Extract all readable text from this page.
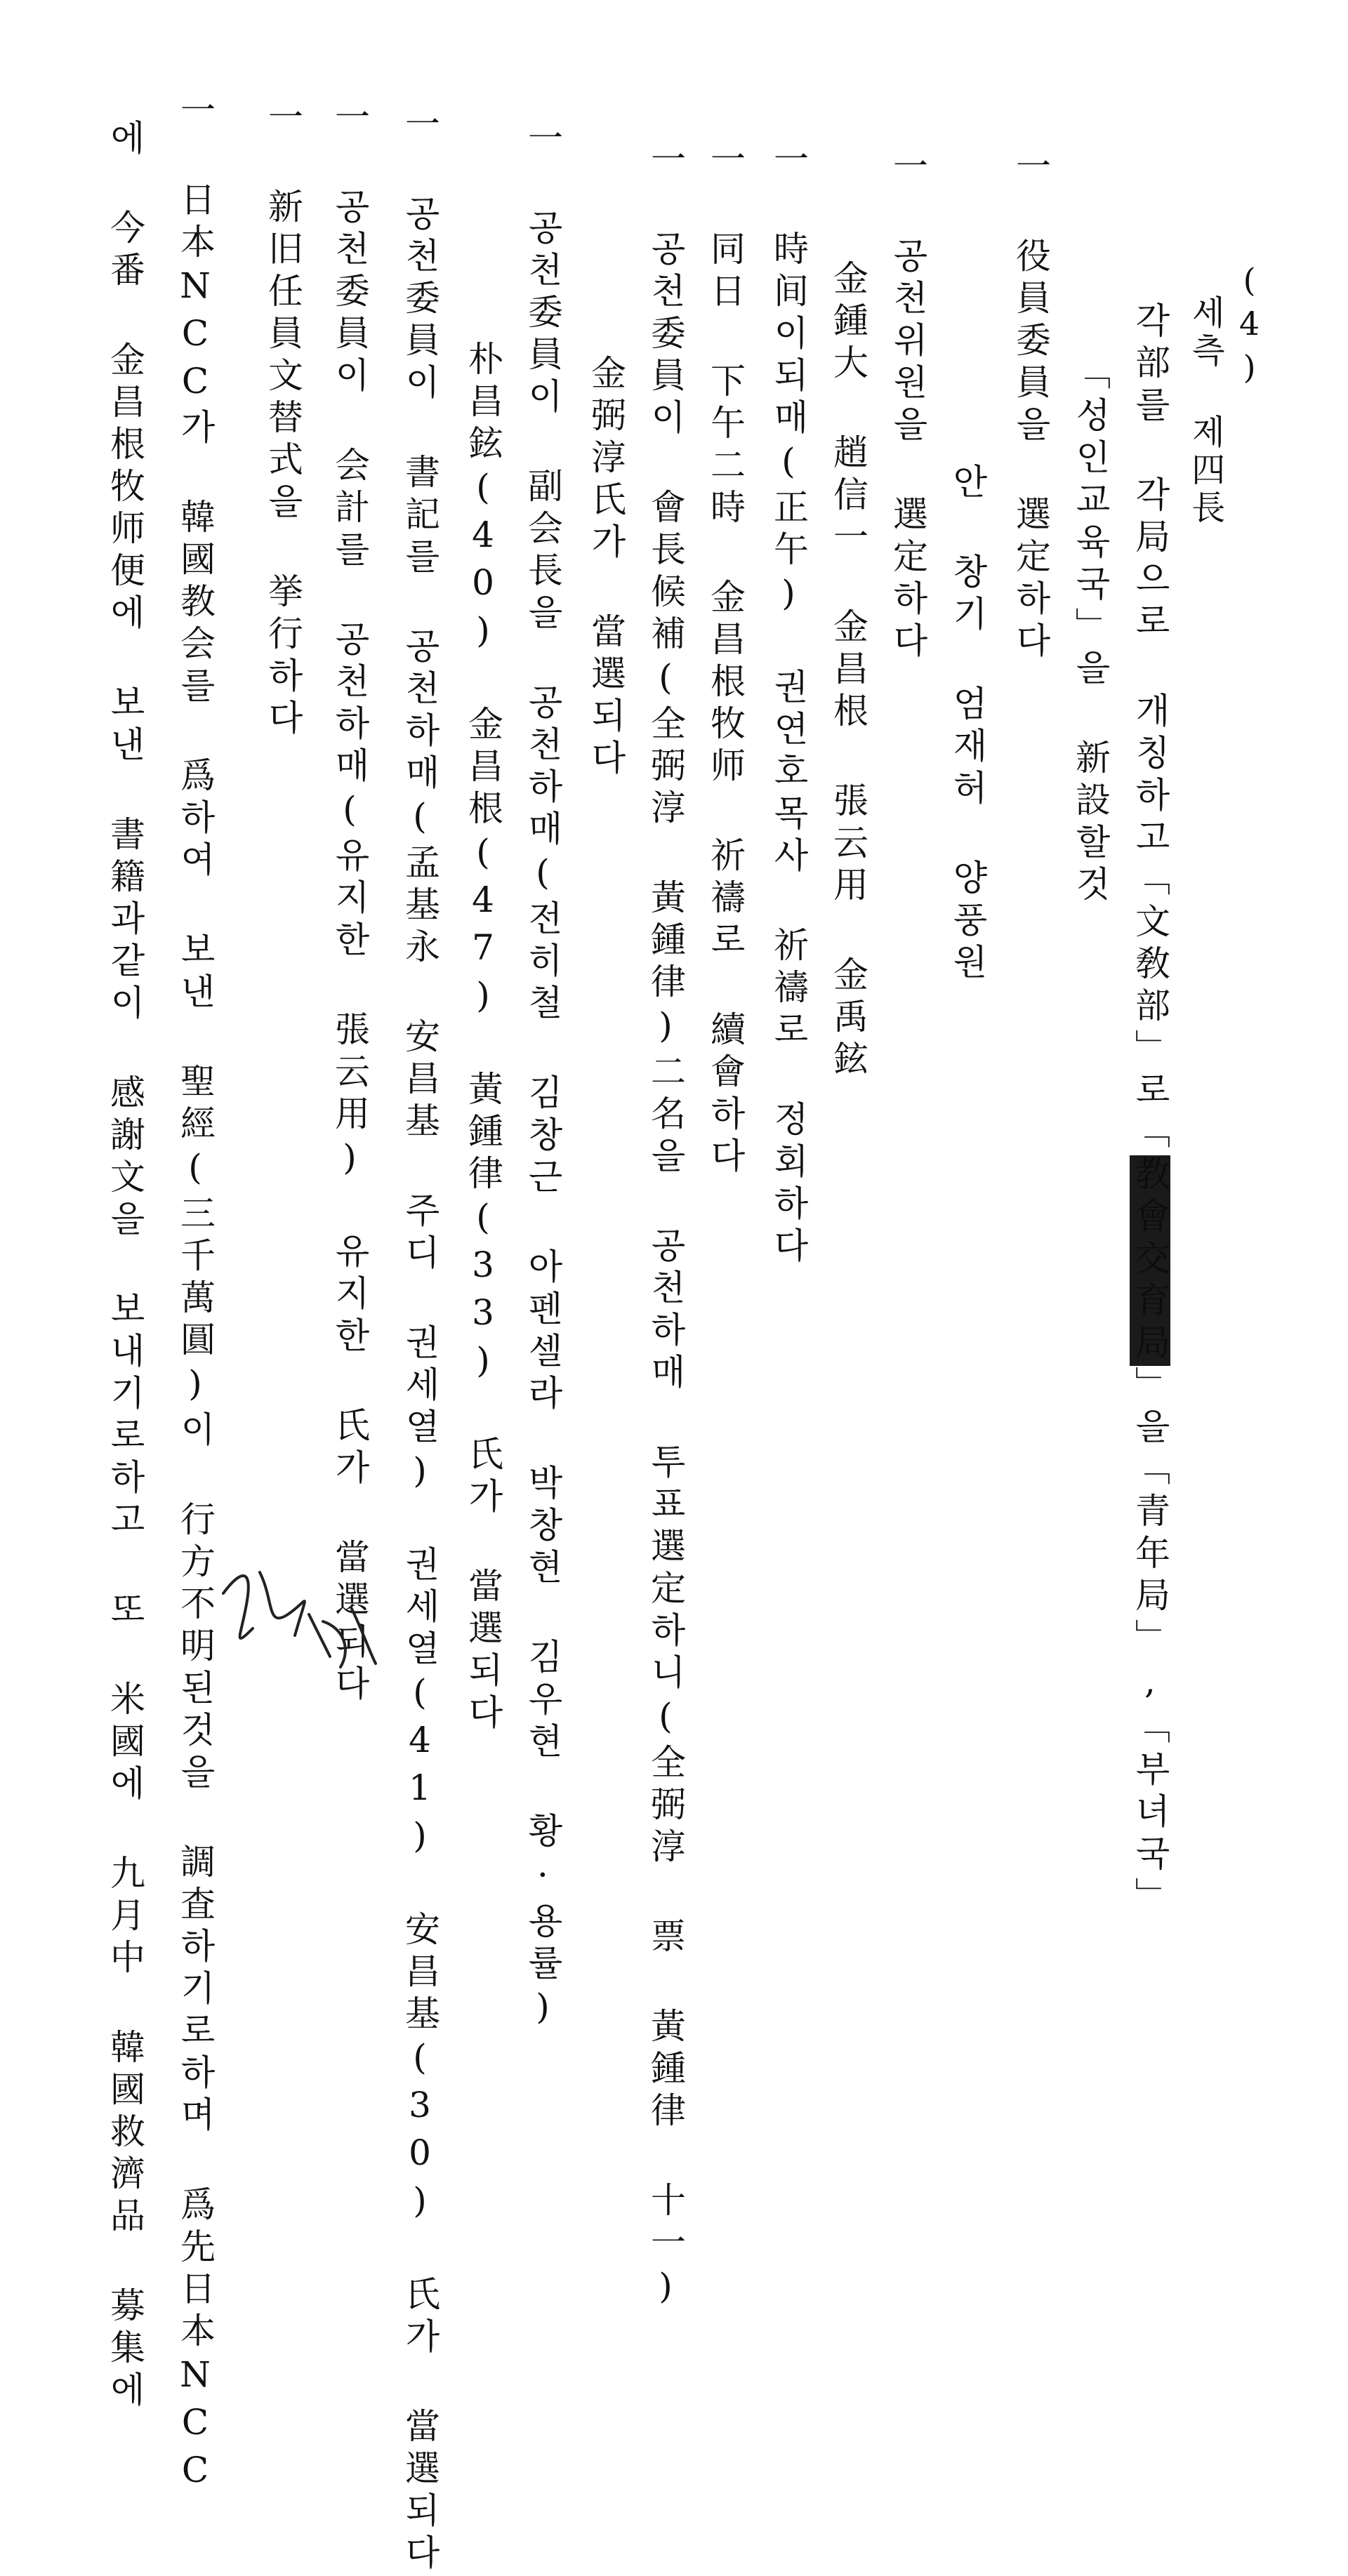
(4)
세측 제四長
각部를 각局으로 개칭하고「文敎部」로「教會交育局」을「青年局」,「부녀국」
「성인교육국」을 新設할것
一 役員委員을 選定하다
안 창기 엄재허 양풍원
一 공천위원을 選定하다
金鍾大 趙信一 金昌根 張云用 金禹鉉
一 時间이되매(正午) 권연호목사 祈禱로 정회하다
一 同日 下午二時 金昌根牧师 祈禱로 續會하다
一 공천委員이 會長候補(全弼淳 黃鍾律)二名을 공천하매 투표選定하니(全弼淳 票 黃鍾律 十一)
金弼淳氏가 當選되다
一 공천委員이 副会長을 공천하매(전히철 김창근 아펜셀라 박창현 김우현 황·용률)
朴昌鉉(40) 金昌根(47) 黃鍾律(33) 氏가 當選되다
一 공천委員이 書記를 공천하매(孟基永 安昌基 주디 권세열) 권세열(41) 安昌基(30) 氏가 當選되다
一 공천委員이 会計를 공천하매(유지한 張云用) 유지한 氏가 當選되다
一 新旧任員文替式을 挙行하다
一 日本NCC가 韓國教会를 爲하여 보낸 聖經(三千萬圓)이 行方不明된것을 調査하기로하며 爲先日本NCC
에 今番 金昌根牧师便에 보낸 書籍과같이 感謝文을 보내기로하고 또 米國에 九月中 韓國救濟品 募集에
